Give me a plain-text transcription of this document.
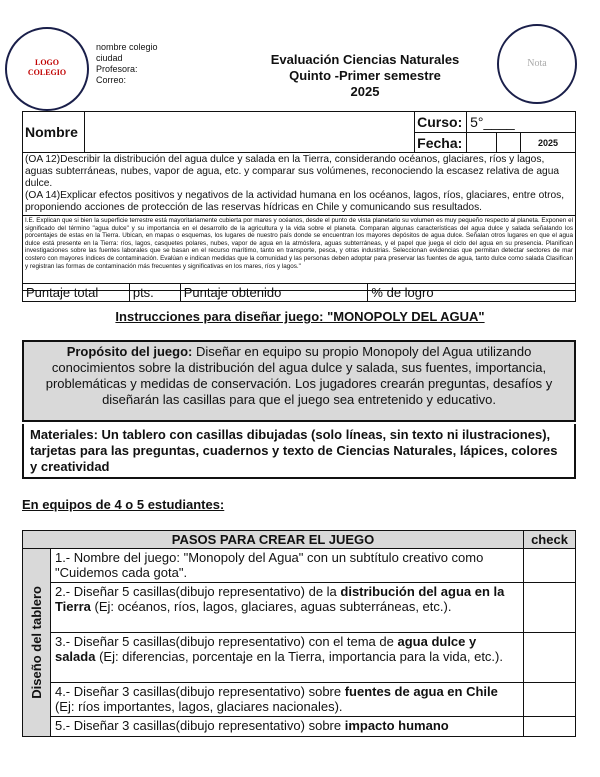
LOGO
COLEGIO
nombre colegio
ciudad
Profesora:
Correo:
Evaluación Ciencias Naturales
Quinto -Primer semestre
2025
Nota
Nombre		Curso:	5°____		
		Fecha:			2025

(OA 12)Describir la distribución del agua dulce y salada en la Tierra, considerando océanos, glaciares, ríos y lagos, aguas subterráneas, nubes, vapor de agua, etc. y comparar sus volúmenes, reconociendo la escasez relativa de agua dulce.
(OA 14)Explicar efectos positivos y negativos de la actividad humana en los océanos, lagos, ríos, glaciares, entre otros, proponiendo acciones de protección de las reservas hídricas en Chile y comunicando sus resultados.					

I.E. Explican que si bien la superficie terrestre está mayoritariamente cubierta por mares y océanos, desde el punto de vista planetario su volumen es muy pequeño respecto al planeta. Exponen el significado del término "agua dulce" y su importancia en el desarrollo de la agricultura y la vida sobre el planeta. Comparan algunas características del agua dulce y salada señalando los porcentajes de estas en la Tierra. Ubican, en mapas o esquemas, los lugares de nuestro país donde se encuentran los mayores depósitos de agua dulce. Señalan otros lugares en que el agua dulce está presente en la Tierra: ríos, lagos, casquetes polares, nubes, vapor de agua en la atmósfera, aguas subterráneas, y el papel que juega el ciclo del agua en su presencia. Planifican investigaciones sobre las fuentes laborales que se basan en el recurso marítimo, tanto en transporte, pesca, y otras industrias. Seleccionan evidencias que permitan detectar sectores de mar costero con mayores índices de contaminación. Evalúan e indican medidas que la comunidad y las personas deben adoptar para preservar las fuentes de agua, tanto dulce como salada Clasifican y registran las formas de contaminación más frecuentes y significativas en los mares, ríos y lagos."					
Puntaje total	pts.	Puntaje obtenido	% de logro
Instrucciones para diseñar juego: "MONOPOLY DEL AGUA"
Propósito del juego: Diseñar en equipo su propio Monopoly del Agua utilizando conocimientos sobre la distribución del agua dulce y salada, sus fuentes, importancia, problemáticas y medidas de conservación. Los jugadores crearán preguntas, desafíos y diseñarán las casillas para que el juego sea entretenido y educativo.
Materiales: Un tablero con casillas dibujadas (solo líneas, sin texto ni ilustraciones), tarjetas para las preguntas, cuadernos y texto de Ciencias Naturales, lápices, colores y creatividad
En equipos de 4 o 5 estudiantes:
PASOS PARA CREAR EL JUEGO		check

Diseño del tablero	1.- Nombre del juego: "Monopoly del Agua" con un subtítulo creativo como "Cuidemos cada gota".	
	2.- Diseñar 5 casillas(dibujo representativo) de la distribución del agua en la Tierra (Ej: océanos, ríos, lagos, glaciares, aguas subterráneas, etc.).	
	3.- Diseñar 5 casillas(dibujo representativo) con el tema de agua dulce y salada (Ej: diferencias, porcentaje en la Tierra, importancia para la vida, etc.).	
	4.- Diseñar 3 casillas(dibujo representativo) sobre fuentes de agua en Chile (Ej: ríos importantes, lagos, glaciares nacionales).	
	5.- Diseñar 3 casillas(dibujo representativo) sobre impacto humano	
